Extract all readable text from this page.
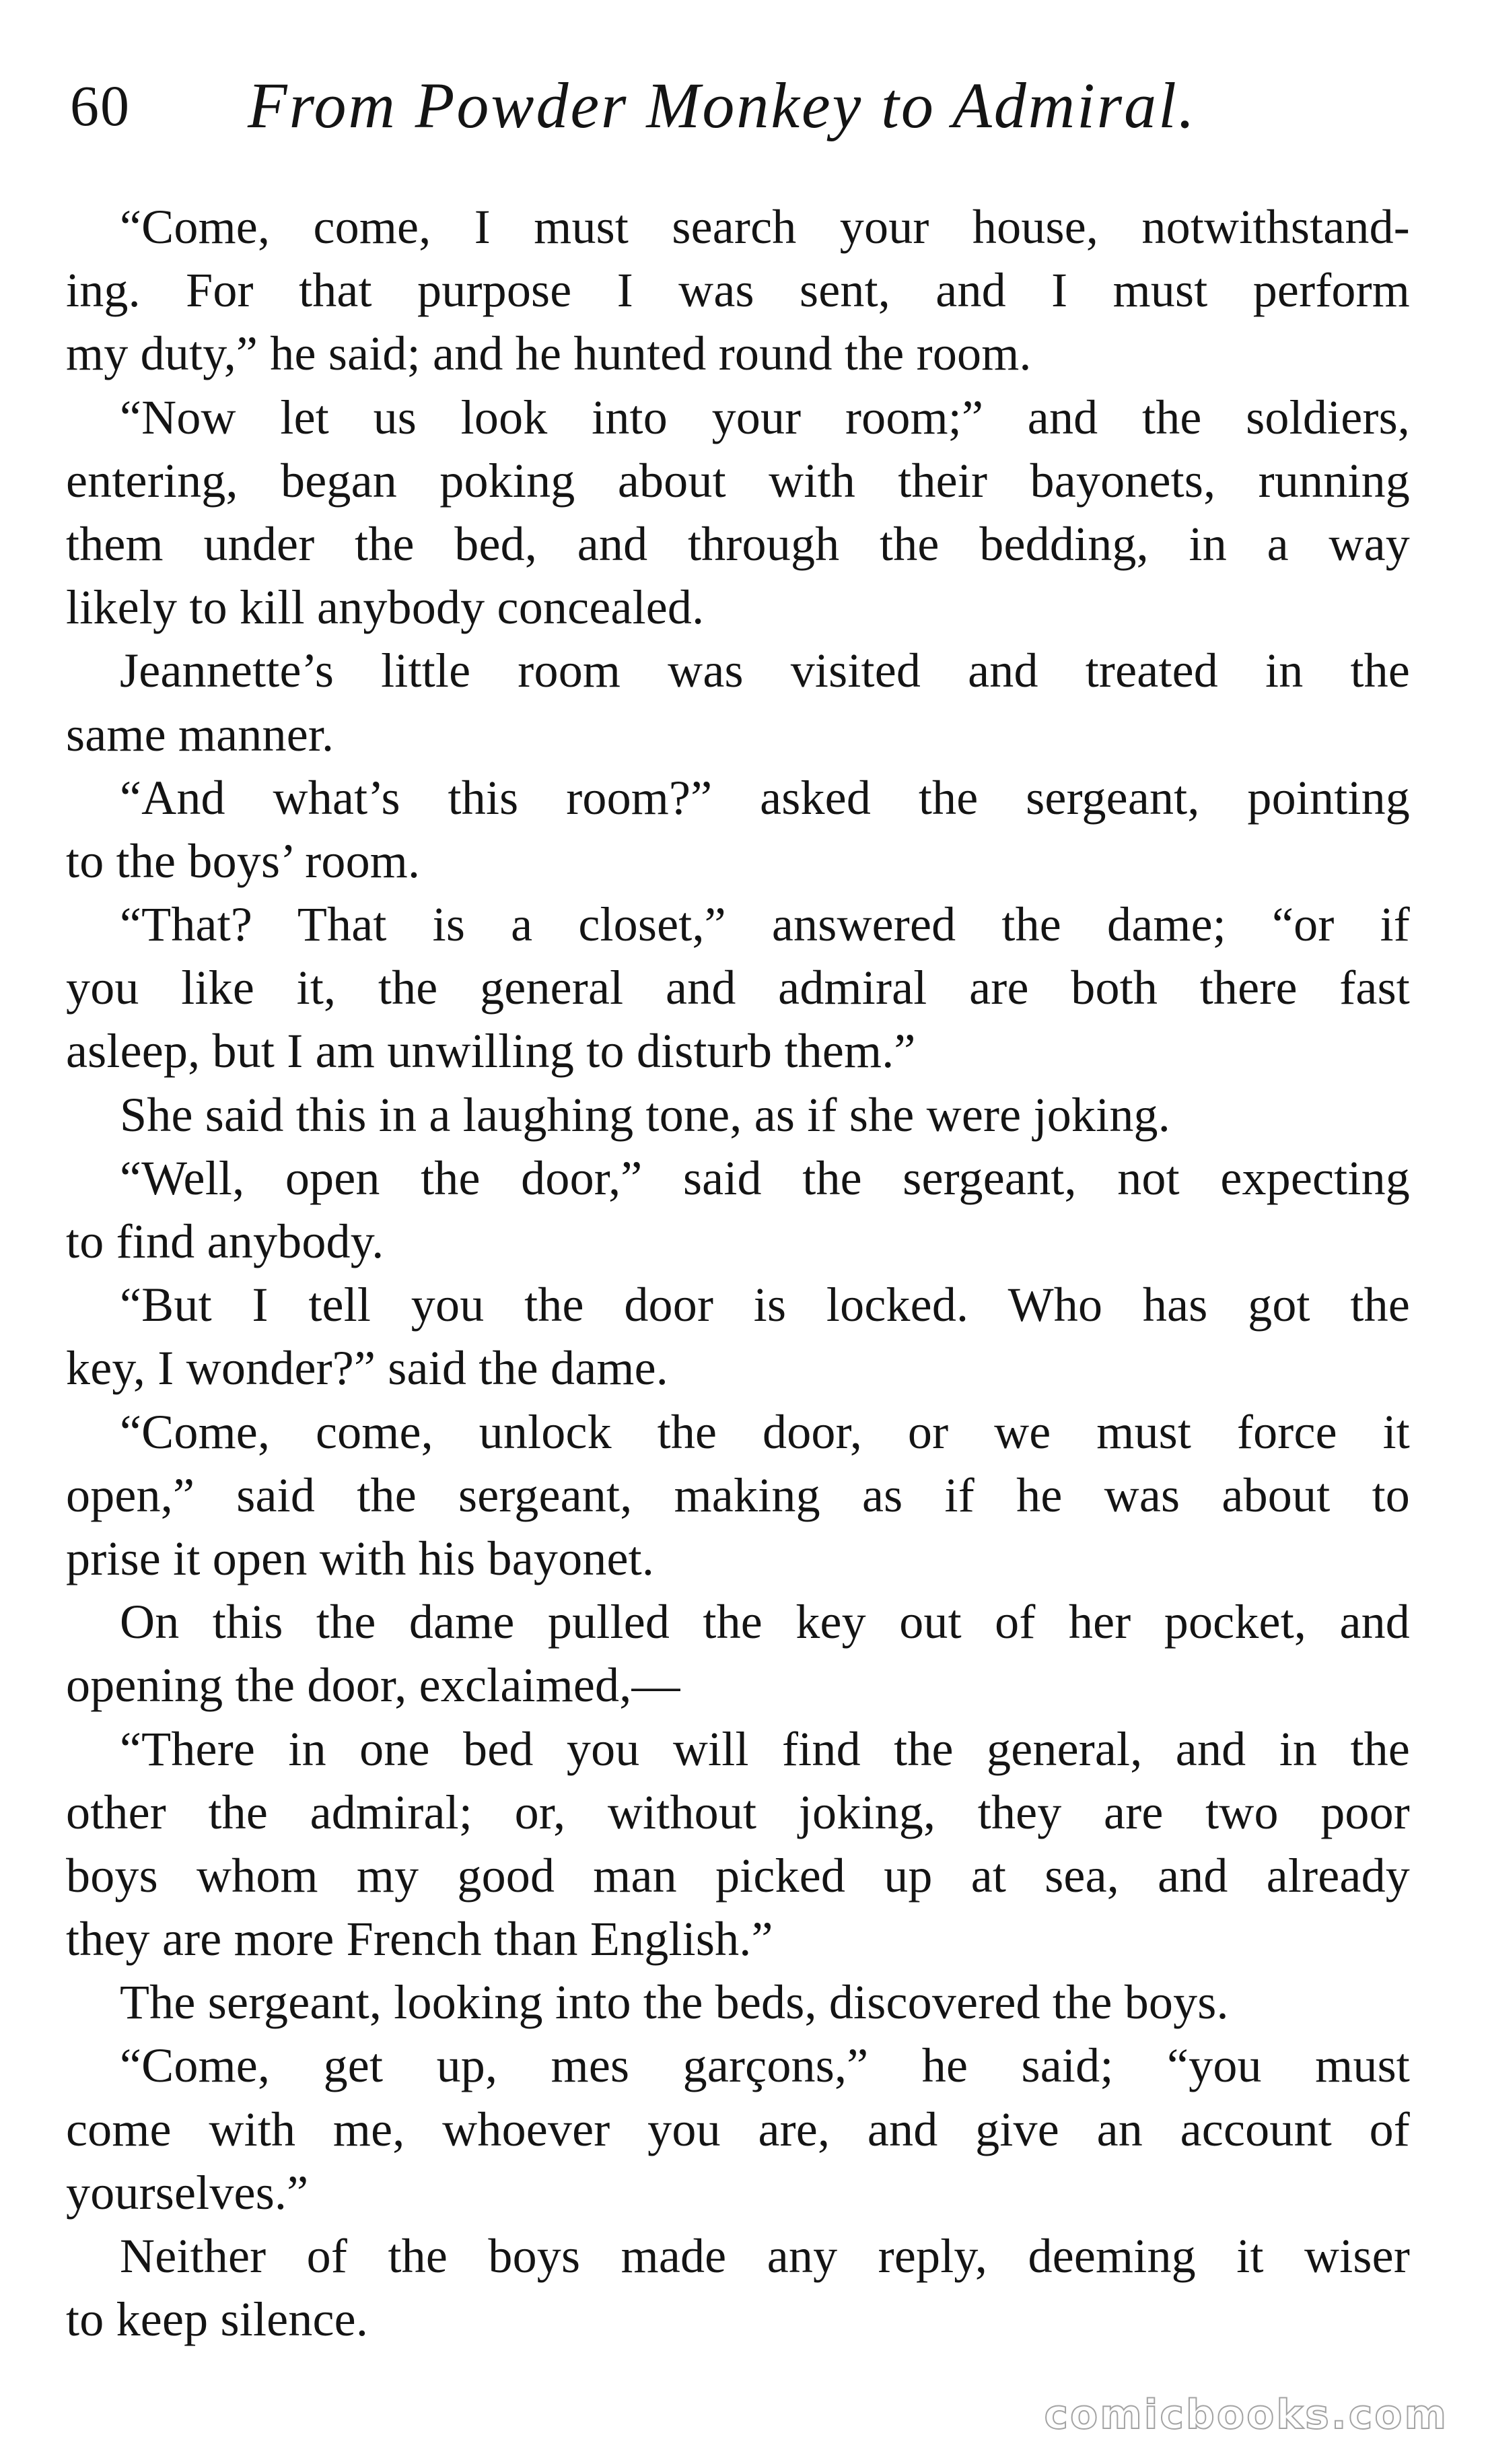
60 From Powder Monkey to Admiral.
“Come, come, I must search your house, notwithstand-
ing. For that purpose I was sent, and I must perform
my duty,” he said; and he hunted round the room.
“Now let us look into your room;” and the soldiers,
entering, began poking about with their bayonets, running
them under the bed, and through the bedding, in a way
likely to kill anybody concealed.
Jeannette’s little room was visited and treated in the
same manner.
“And what’s this room?” asked the sergeant, pointing
to the boys’ room.
“That? That is a closet,” answered the dame; “or if
you like it, the general and admiral are both there fast
asleep, but I am unwilling to disturb them.”
She said this in a laughing tone, as if she were joking.
“Well, open the door,” said the sergeant, not expecting
to find anybody.
“But I tell you the door is locked. Who has got the
key, I wonder?” said the dame.
“Come, come, unlock the door, or we must force it
open,” said the sergeant, making as if he was about to
prise it open with his bayonet.
On this the dame pulled the key out of her pocket, and
opening the door, exclaimed,—
“There in one bed you will find the general, and in the
other the admiral; or, without joking, they are two poor
boys whom my good man picked up at sea, and already
they are more French than English.”
The sergeant, looking into the beds, discovered the boys.
“Come, get up, mes garçons,” he said; “you must
come with me, whoever you are, and give an account of
yourselves.”
Neither of the boys made any reply, deeming it wiser
to keep silence.
comicbooks.com
